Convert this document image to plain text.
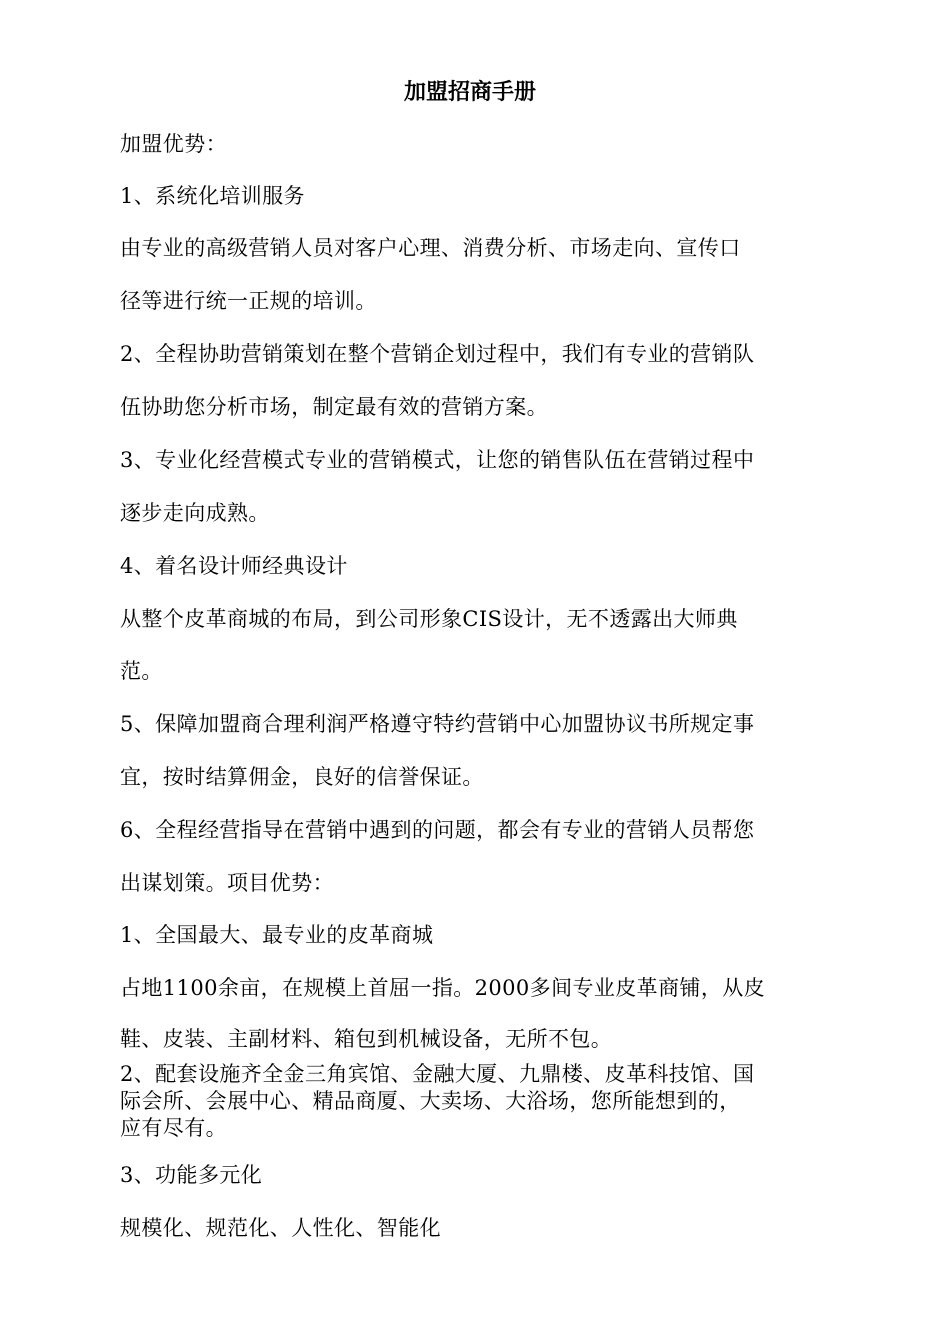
加盟招商手册
加盟优势：
1、系统化培训服务
由专业的高级营销人员对客户心理、消费分析、市场走向、宣传口
径等进行统一正规的培训。
2、全程协助营销策划在整个营销企划过程中，我们有专业的营销队
伍协助您分析市场，制定最有效的营销方案。
3、专业化经营模式专业的营销模式，让您的销售队伍在营销过程中
逐步走向成熟。
4、着名设计师经典设计
从整个皮革商城的布局，到公司形象CIS设计，无不透露出大师典
范。
5、保障加盟商合理利润严格遵守特约营销中心加盟协议书所规定事
宜，按时结算佣金，良好的信誉保证。
6、全程经营指导在营销中遇到的问题，都会有专业的营销人员帮您
出谋划策。项目优势：
1、全国最大、最专业的皮革商城
占地1100余亩，在规模上首屈一指。2000多间专业皮革商铺，从皮
鞋、皮装、主副材料、箱包到机械设备，无所不包。
2、配套设施齐全金三角宾馆、金融大厦、九鼎楼、皮革科技馆、国
际会所、会展中心、精品商厦、大卖场、大浴场，您所能想到的，
应有尽有。
3、功能多元化
规模化、规范化、人性化、智能化
